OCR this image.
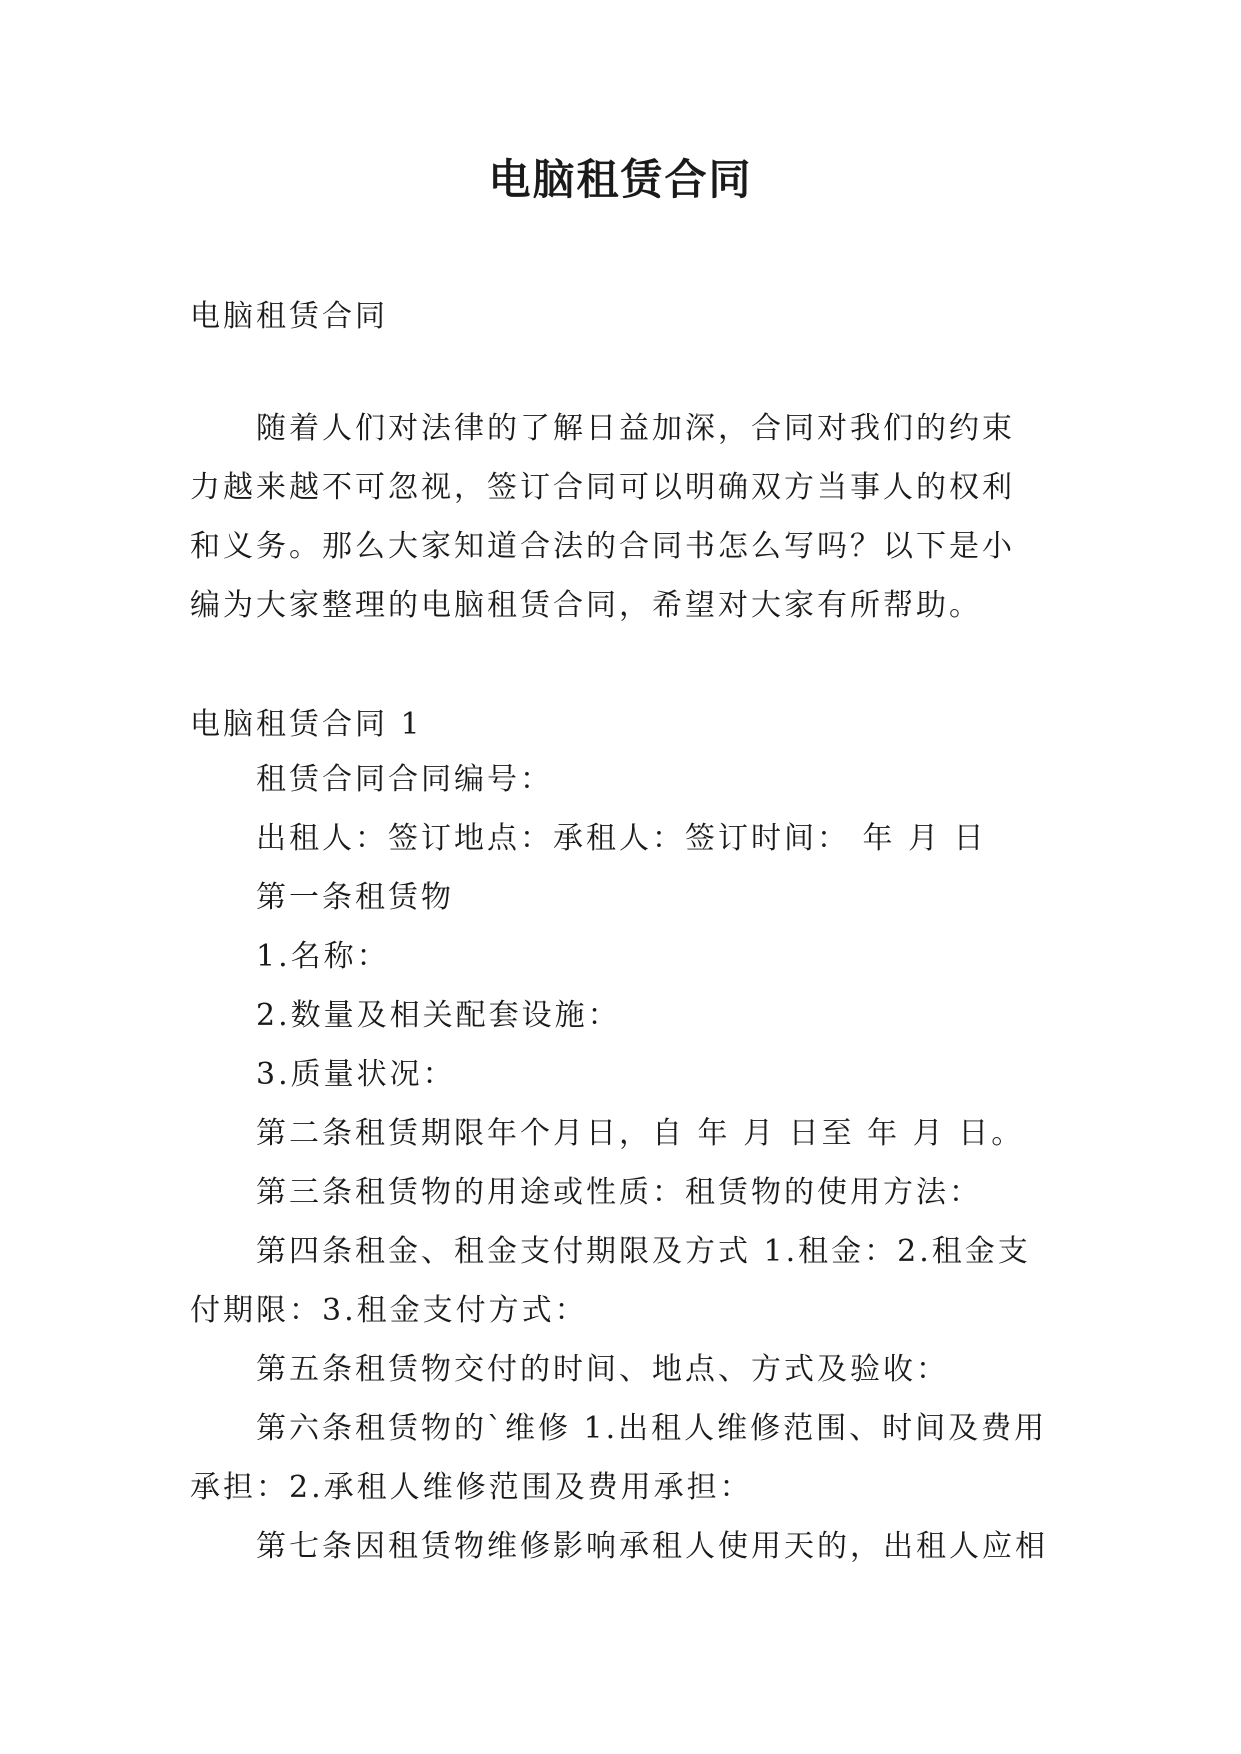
电脑租赁合同

电脑租赁合同

随着人们对法律的了解日益加深，合同对我们的约束力越来越不可忽视，签订合同可以明确双方当事人的权利和义务。那么大家知道合法的合同书怎么写吗？以下是小编为大家整理的电脑租赁合同，希望对大家有所帮助。

电脑租赁合同 1

租赁合同合同编号：
出租人：签订地点：承租人：签订时间： 年 月 日
第一条租赁物
1.名称：
2.数量及相关配套设施：
3.质量状况：
第二条租赁期限年个月日，自 年 月 日至 年 月 日。
第三条租赁物的用途或性质：租赁物的使用方法：
第四条租金、租金支付期限及方式 1.租金：2.租金支付期限：3.租金支付方式：
第五条租赁物交付的时间、地点、方式及验收：
第六条租赁物的`维修 1.出租人维修范围、时间及费用承担：2.承租人维修范围及费用承担：
第七条因租赁物维修影响承租人使用天的，出租人应相
